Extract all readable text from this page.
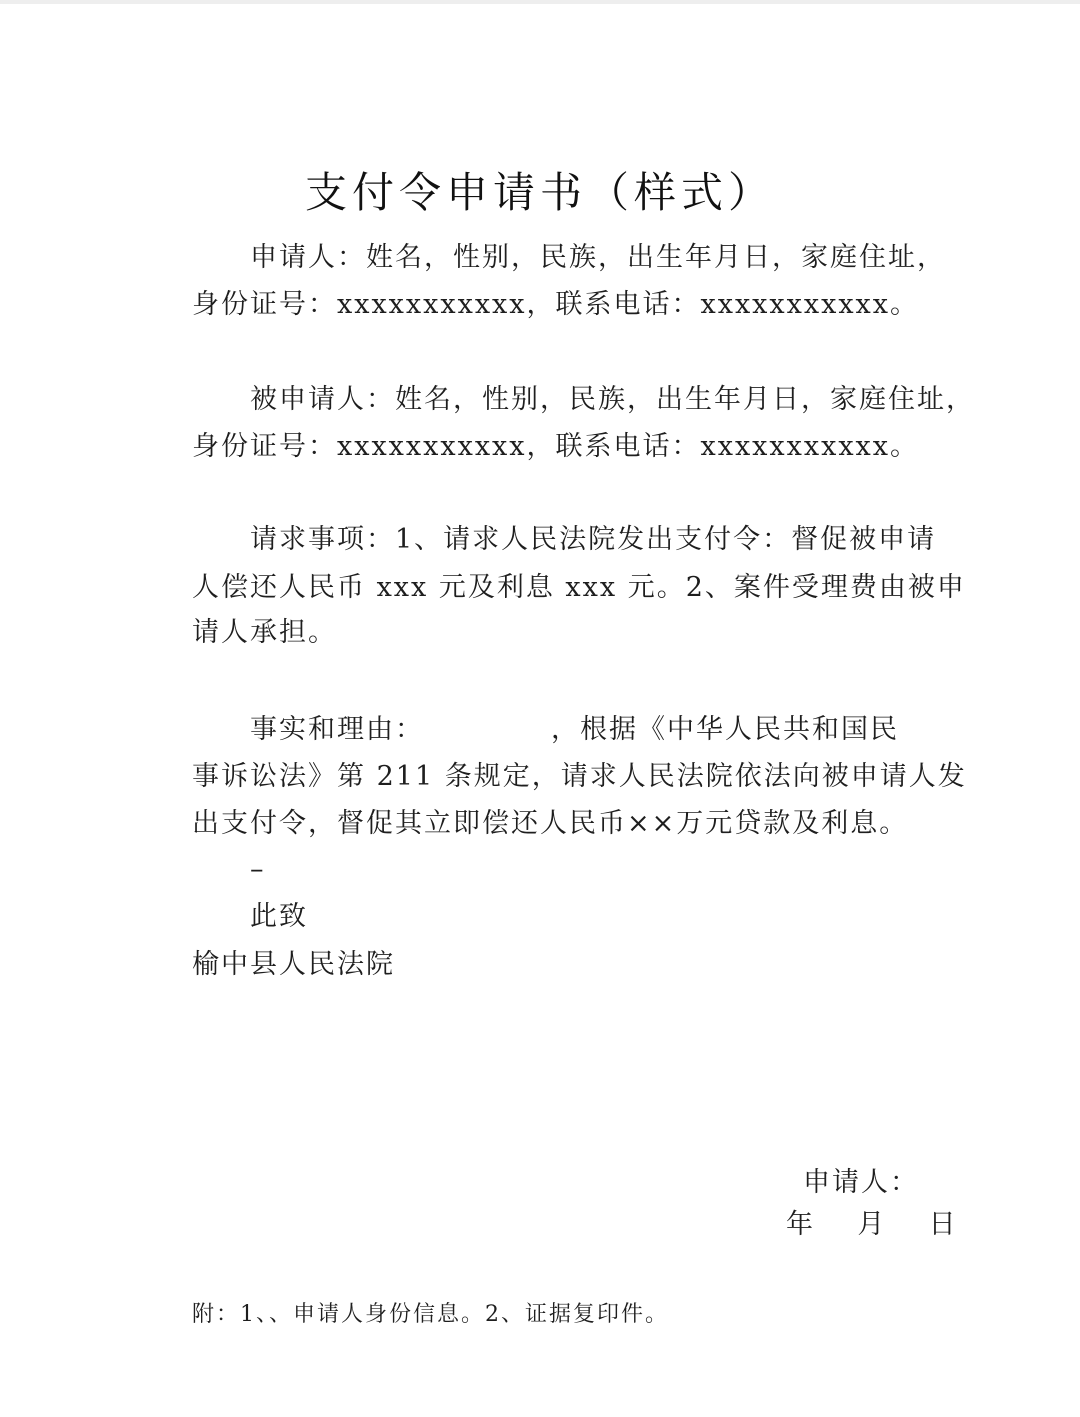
支付令申请书（样式）
申请人：姓名，性别，民族，出生年月日，家庭住址，
身份证号：xxxxxxxxxxx，联系电话：xxxxxxxxxxx。
被申请人：姓名，性别，民族，出生年月日，家庭住址，
身份证号：xxxxxxxxxxx，联系电话：xxxxxxxxxxx。
请求事项：1、请求人民法院发出支付令：督促被申请
人偿还人民币 xxx 元及利息 xxx 元。2、案件受理费由被申
请人承担。
事实和理由：            ，根据《中华人民共和国民
事诉讼法》第 211 条规定，请求人民法院依法向被申请人发
出支付令，督促其立即偿还人民币××万元贷款及利息。
–
此致
榆中县人民法院
申请人：
年    月    日
附：1、、申请人身份信息。2、证据复印件。
